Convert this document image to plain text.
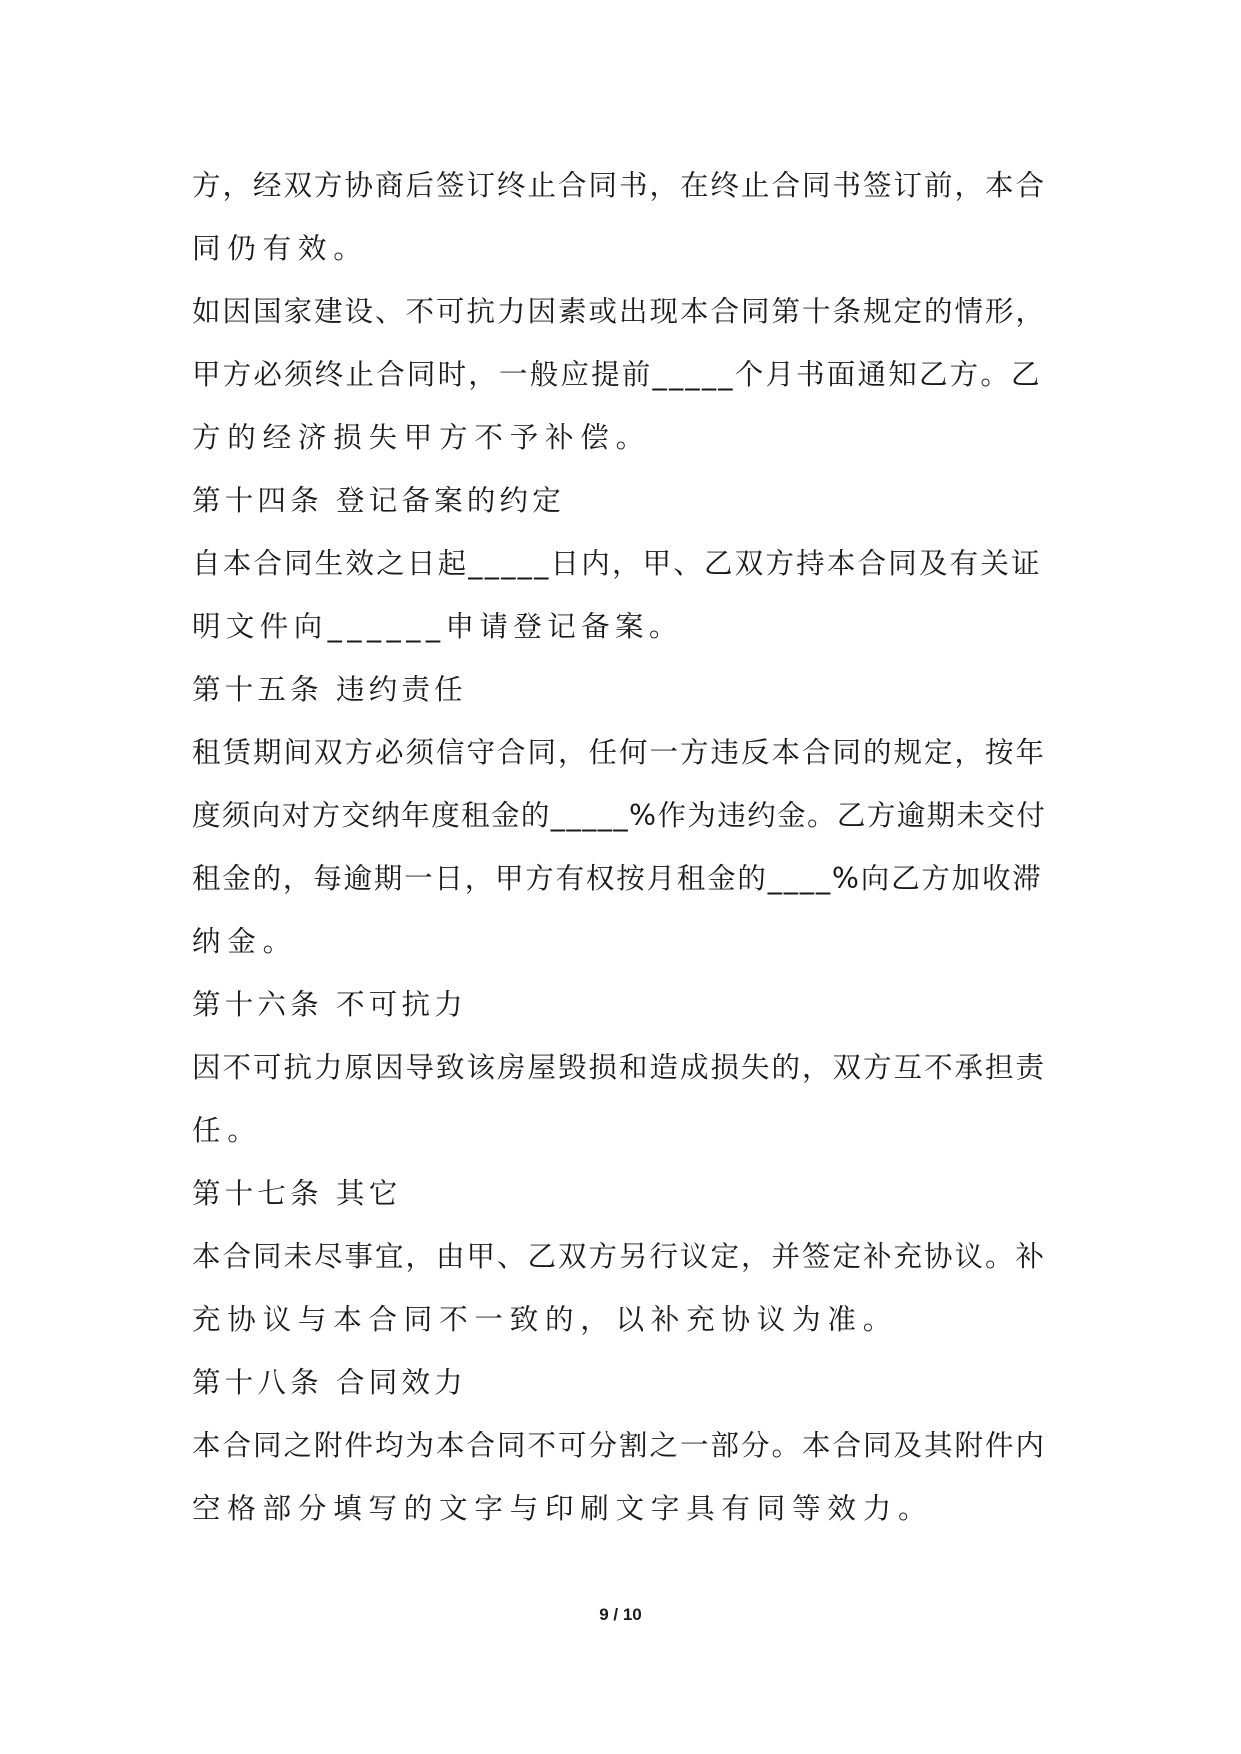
方，经双方协商后签订终止合同书，在终止合同书签订前，本合
同仍有效。
如因国家建设、不可抗力因素或出现本合同第十条规定的情形，
甲方必须终止合同时，一般应提前_____个月书面通知乙方。乙
方的经济损失甲方不予补偿。
第十四条 登记备案的约定
自本合同生效之日起_____日内，甲、乙双方持本合同及有关证
明文件向______申请登记备案。
第十五条 违约责任
租赁期间双方必须信守合同，任何一方违反本合同的规定，按年
度须向对方交纳年度租金的_____%作为违约金。乙方逾期未交付
租金的，每逾期一日，甲方有权按月租金的____%向乙方加收滞
纳金。
第十六条 不可抗力
因不可抗力原因导致该房屋毁损和造成损失的，双方互不承担责
任。
第十七条 其它
本合同未尽事宜，由甲、乙双方另行议定，并签定补充协议。补
充协议与本合同不一致的，以补充协议为准。
第十八条 合同效力
本合同之附件均为本合同不可分割之一部分。本合同及其附件内
空格部分填写的文字与印刷文字具有同等效力。
9 / 10
